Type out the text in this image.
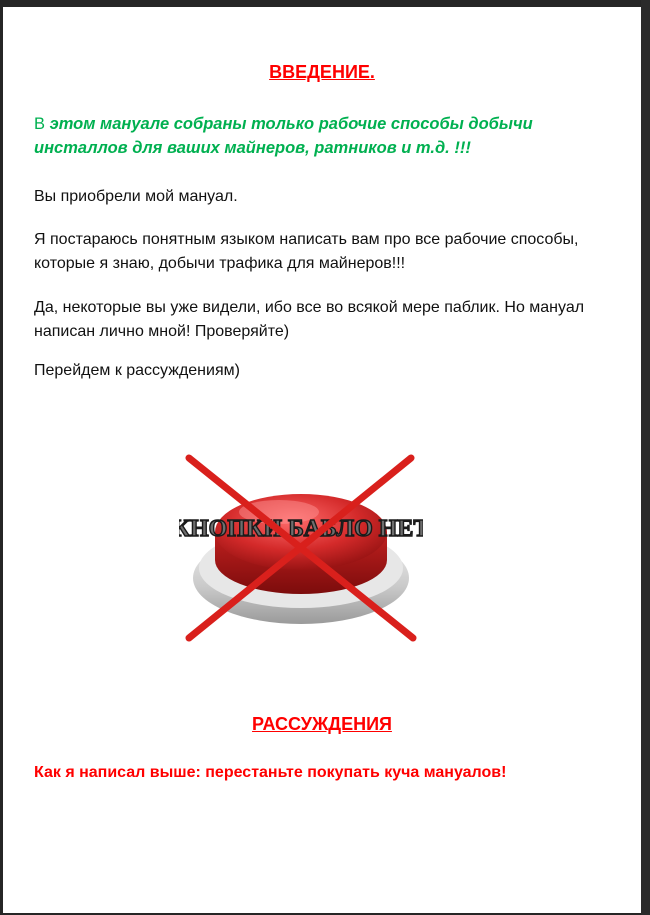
ВВЕДЕНИЕ.
В этом мануале собраны только рабочие способы добычи инсталлов для ваших майнеров, ратников и т.д. !!!
Вы приобрели мой мануал.
Я постараюсь понятным языком написать вам про все рабочие способы, которые я знаю, добычи трафика для майнеров!!!
Да, некоторые вы уже видели, ибо все во всякой мере паблик. Но мануал написан лично мной! Проверяйте)
Перейдем к рассуждениям)
КНОПКИ БАБЛО НЕТ
РАССУЖДЕНИЯ
Как я написал выше: перестаньте покупать куча мануалов!
